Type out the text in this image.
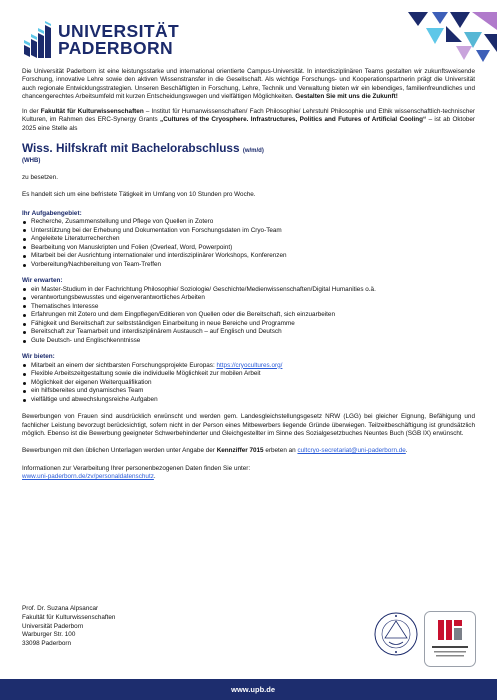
UNIVERSITÄT
PADERBORN

Die Universität Paderborn ist eine leistungsstarke und international orientierte Campus-Universität. In interdisziplinären Teams gestalten wir zukunftsweisende Forschung, innovative Lehre sowie den aktiven Wissenstransfer in die Gesellschaft. Als wichtige Forschungs- und Kooperationspartnerin prägt die Universität auch regionale Entwicklungsstrategien. Unseren Beschäftigten in Forschung, Lehre, Technik und Verwaltung bieten wir ein lebendiges, familienfreundliches und chancengerechtes Arbeitsumfeld mit kurzen Entscheidungswegen und vielfältigen Möglichkeiten. Gestalten Sie mit uns die Zukunft!

In der Fakultät für Kulturwissenschaften – Institut für Humanwissenschaften/ Fach Philosophie/ Lehrstuhl Philosophie und Ethik wissenschaftlich-technischer Kulturen, im Rahmen des ERC-Synergy Grants „Cultures of the Cryosphere. Infrastructures, Politics and Futures of Artificial Cooling“ – ist ab Oktober 2025 eine Stelle als

Wiss. Hilfskraft mit Bachelorabschluss (w/m/d)
(WHB)

zu besetzen.

Es handelt sich um eine befristete Tätigkeit im Umfang von 10 Stunden pro Woche.

Ihr Aufgabengebiet:
Recherche, Zusammenstellung und Pflege von Quellen in Zotero
Unterstützung bei der Erhebung und Dokumentation von Forschungsdaten im Cryo-Team
Angeleitete Literaturrecherchen
Bearbeitung von Manuskripten und Folien (Overleaf, Word, Powerpoint)
Mitarbeit bei der Ausrichtung internationaler und interdisziplinärer Workshops, Konferenzen
Vorbereitung/Nachbereitung von Team-Treffen
Wir erwarten:
ein Master-Studium in der Fachrichtung Philosophie/ Soziologie/ Geschichte/Medienwissenschaften/Digital Humanities o.ä.
verantwortungsbewusstes und eigenverantwortliches Arbeiten
Thematisches Interesse
Erfahrungen mit Zotero und dem Eingpflegen/Editieren von Quellen oder die Bereitschaft, sich einzuarbeiten
Fähigkeit und Bereitschaft zur selbstständigen Einarbeitung in neue Bereiche und Programme
Bereitschaft zur Teamarbeit und interdisziplinärem Austausch – auf Englisch und Deutsch
Gute Deutsch- und Englischkenntnisse
Wir bieten:
Mitarbeit an einem der sichtbarsten Forschungsprojekte Europas: https://cryocultures.org/
Flexible Arbeitszeitgestaltung sowie die individuelle Möglichkeit zur mobilen Arbeit
Möglichkeit der eigenen Weiterqualifikation
ein hilfsbereites und dynamisches Team
vielfältige und abwechslungsreiche Aufgaben

Bewerbungen von Frauen sind ausdrücklich erwünscht und werden gem. Landesgleichstellungsgesetz NRW (LGG) bei gleicher Eignung, Befähigung und fachlicher Leistung bevorzugt berücksichtigt, sofern nicht in der Person eines Mitbewerbers liegende Gründe überwiegen. Teilzeitbeschäftigung ist grundsätzlich möglich. Ebenso ist die Bewerbung geeigneter Schwerbehinderter und Gleichgestellter im Sinne des Sozialgesetzbuches Neuntes Buch (SGB IX) erwünscht.

Bewerbungen mit den üblichen Unterlagen werden unter Angabe der Kennziffer 7015 erbeten an cultcryo-secretariat@uni-paderborn.de.

Informationen zur Verarbeitung Ihrer personenbezogenen Daten finden Sie unter:
www.uni-paderborn.de/zv/personaldatenschutz.

Prof. Dr. Suzana Alpsancar
Fakultät für Kulturwissenschaften
Universität Paderborn
Warburger Str. 100
33098 Paderborn
www.upb.de
